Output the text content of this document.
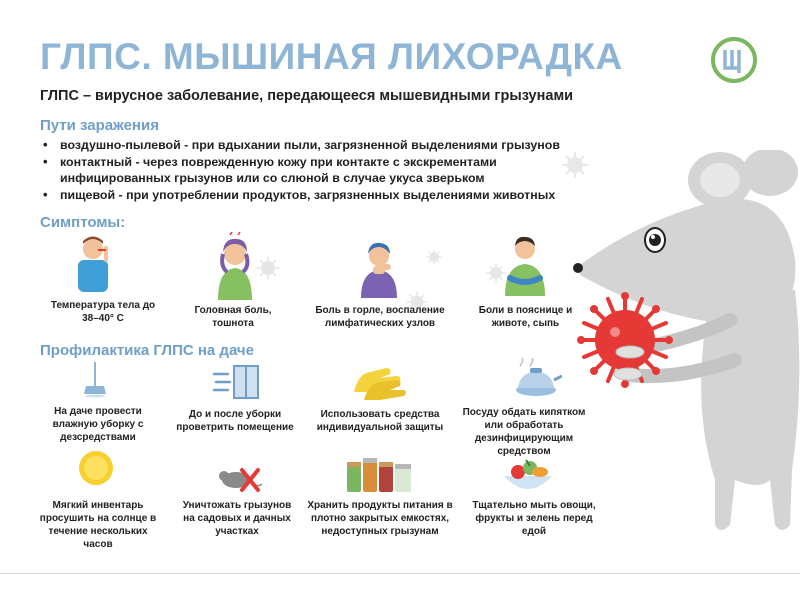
ГЛПС. МЫШИНАЯ ЛИХОРАДКА
ГЛПС – вирусное заболевание, передающееся мышевидными грызунами
Пути заражения
• воздушно-пылевой - при вдыхании пыли, загрязненной выделениями грызунов
• контактный - через поврежденную кожу при контакте с экскрементами инфицированных грызунов или со слюной в случае укуса зверьком
• пищевой - при употреблении продуктов, загрязненных выделениями животных
Симптомы:
Температура тела до 38–40° С
Головная боль, тошнота
Боль в горле, воспаление лимфатических узлов
Боли в пояснице и животе, сыпь
Профилактика ГЛПС на даче
На даче провести влажную уборку с дезсредствами
До и после уборки проветрить помещение
Использовать средства индивидуальной защиты
Посуду обдать кипятком или обработать дезинфицирующим средством
Мягкий инвентарь просушить на солнце в течение нескольких часов
Уничтожать грызунов на садовых и дачных участках
Хранить продукты питания в плотно закрытых емкостях, недоступных грызунам
Тщательно мыть овощи, фрукты и зелень перед едой
